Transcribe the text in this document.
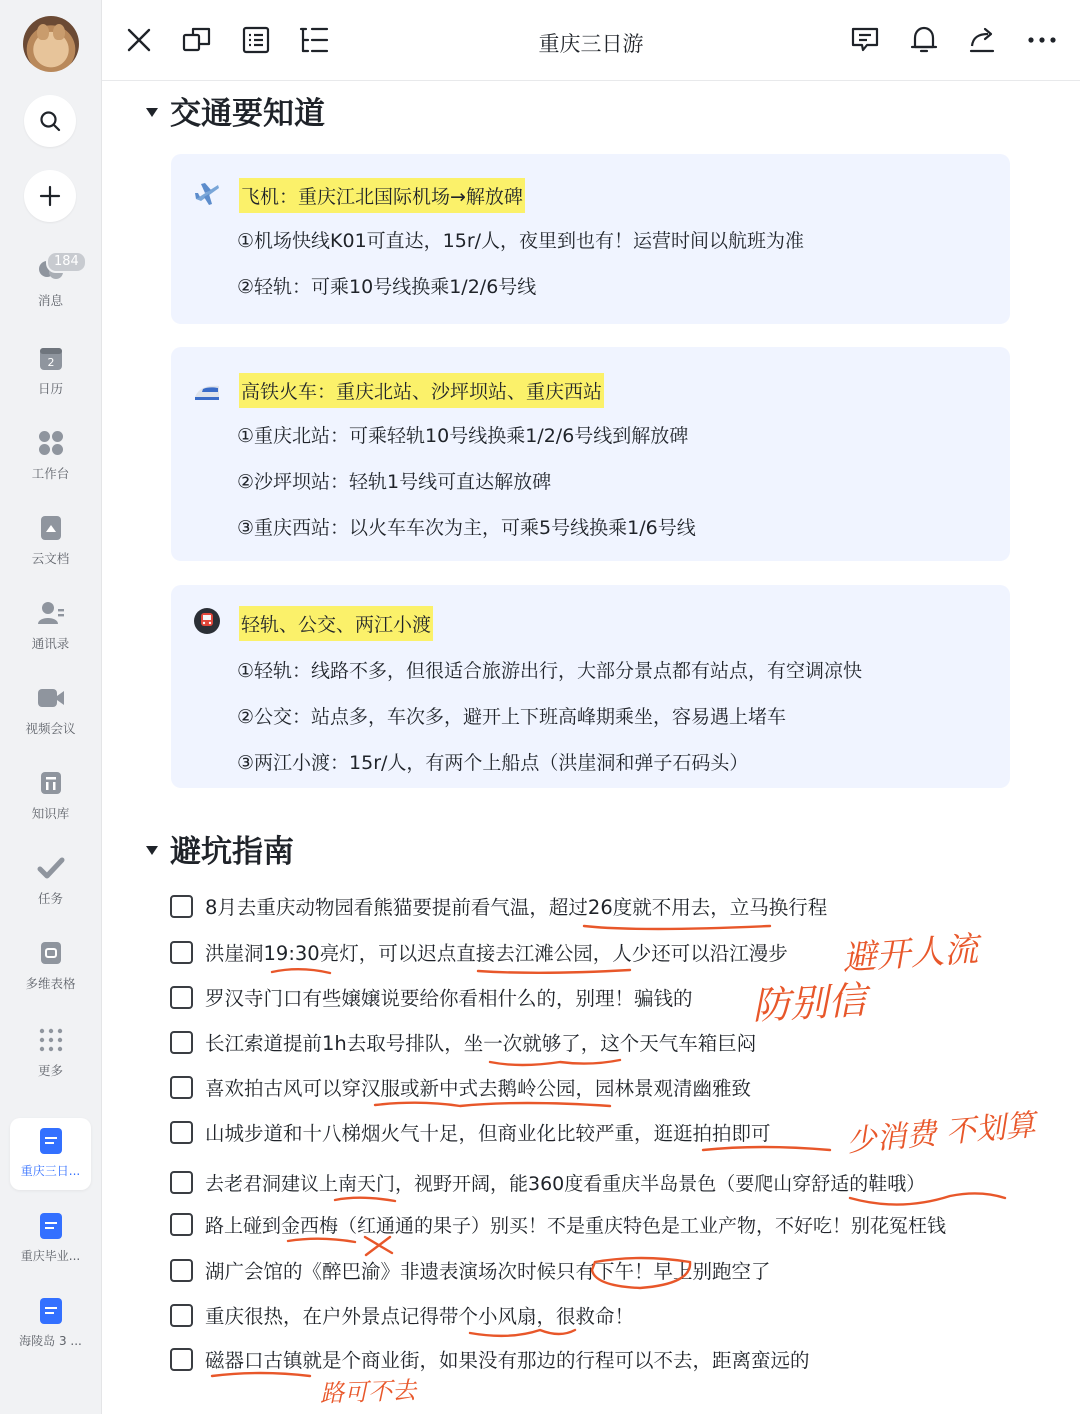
184
消息
2
日历
工作台
云文档
通讯录
视频会议
知识库
任务
多维表格
更多
重庆三日...
重庆毕业...
海陵岛 3 ...
重庆三日游
交通要知道
飞机：重庆江北国际机场→解放碑
①机场快线K01可直达，15r/人，夜里到也有！运营时间以航班为准
②轻轨：可乘10号线换乘1/2/6号线
高铁火车：重庆北站、沙坪坝站、重庆西站
①重庆北站：可乘轻轨10号线换乘1/2/6号线到解放碑
②沙坪坝站：轻轨1号线可直达解放碑
③重庆西站：以火车车次为主，可乘5号线换乘1/6号线
轻轨、公交、两江小渡
①轻轨：线路不多，但很适合旅游出行，大部分景点都有站点，有空调凉快
②公交：站点多，车次多，避开上下班高峰期乘坐，容易遇上堵车
③两江小渡：15r/人，有两个上船点（洪崖洞和弹子石码头）
避坑指南
8月去重庆动物园看熊猫要提前看气温，超过26度就不用去，立马换行程
洪崖洞19:30亮灯，可以迟点直接去江滩公园，人少还可以沿江漫步
罗汉寺门口有些嬢嬢说要给你看相什么的，别理！骗钱的
长江索道提前1h去取号排队，坐一次就够了，这个天气车箱巨闷
喜欢拍古风可以穿汉服或新中式去鹅岭公园，园林景观清幽雅致
山城步道和十八梯烟火气十足，但商业化比较严重，逛逛拍拍即可
去老君洞建议上南天门，视野开阔，能360度看重庆半岛景色（要爬山穿舒适的鞋哦）
路上碰到金西梅（红通通的果子）别买！不是重庆特色是工业产物，不好吃！别花冤枉钱
湖广会馆的《醉巴渝》非遗表演场次时候只有下午！早上别跑空了
重庆很热，在户外景点记得带个小风扇，很救命！
磁器口古镇就是个商业街，如果没有那边的行程可以不去，距离蛮远的
避开人流
防别信
少消费 不划算
路可不去
